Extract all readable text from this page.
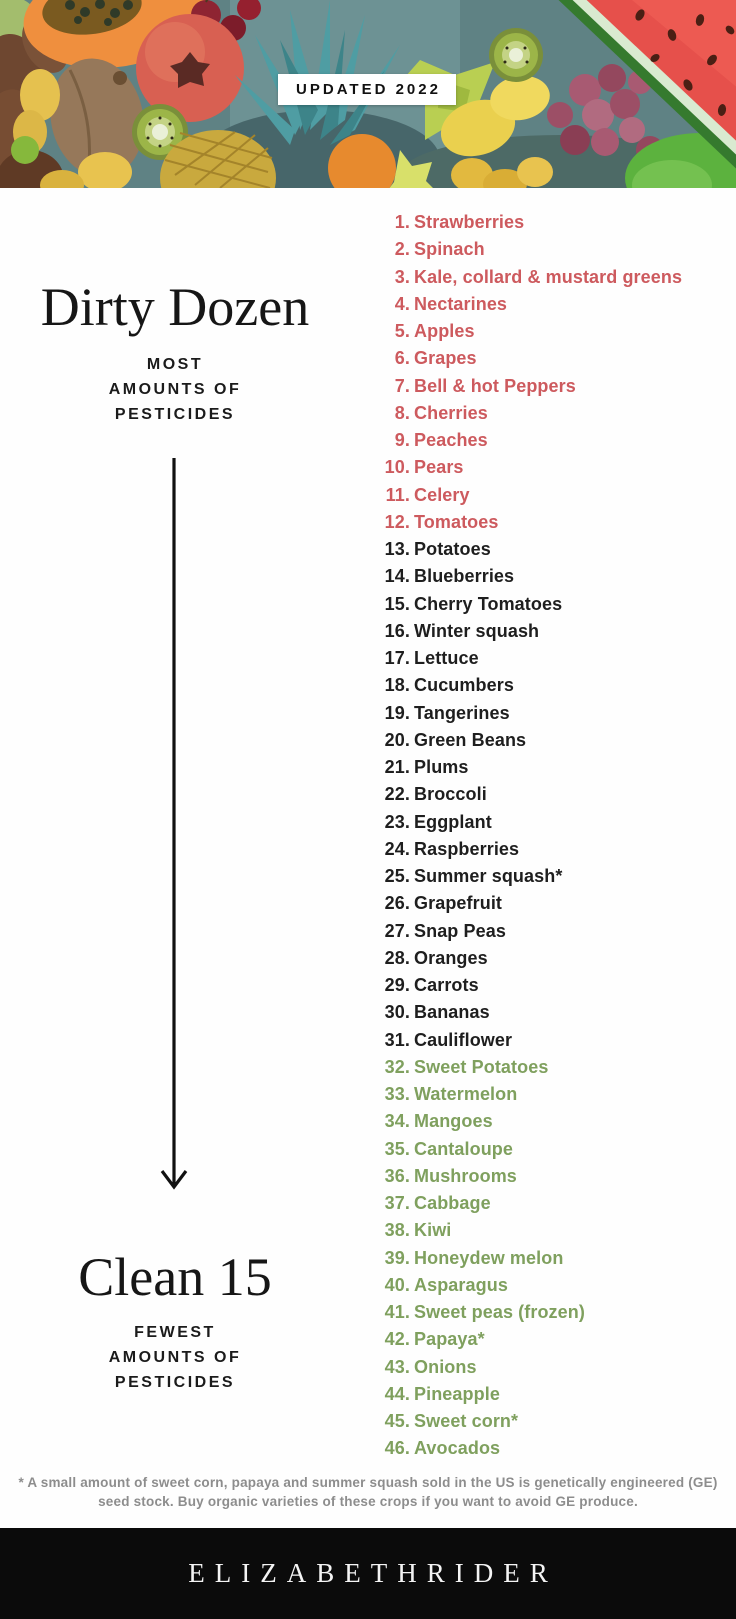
UPDATED 2022
Dirty Dozen
MOST
AMOUNTS OF
PESTICIDES
Clean 15
FEWEST
AMOUNTS OF
PESTICIDES
1. Strawberries
2. Spinach
3. Kale, collard & mustard greens
4. Nectarines
5. Apples
6. Grapes
7. Bell & hot Peppers
8. Cherries
9. Peaches
10. Pears
11. Celery
12. Tomatoes
13. Potatoes
14. Blueberries
15. Cherry Tomatoes
16. Winter squash
17. Lettuce
18. Cucumbers
19. Tangerines
20. Green Beans
21. Plums
22. Broccoli
23. Eggplant
24. Raspberries
25. Summer squash*
26. Grapefruit
27. Snap Peas
28. Oranges
29. Carrots
30. Bananas
31. Cauliflower
32. Sweet Potatoes
33. Watermelon
34. Mangoes
35. Cantaloupe
36. Mushrooms
37. Cabbage
38. Kiwi
39. Honeydew melon
40. Asparagus
41. Sweet peas (frozen)
42. Papaya*
43. Onions
44. Pineapple
45. Sweet corn*
46. Avocados
* A small amount of sweet corn, papaya and summer squash sold in the US is genetically engineered (GE)
seed stock. Buy organic varieties of these crops if you want to avoid GE produce.
ELIZABETHRIDER
